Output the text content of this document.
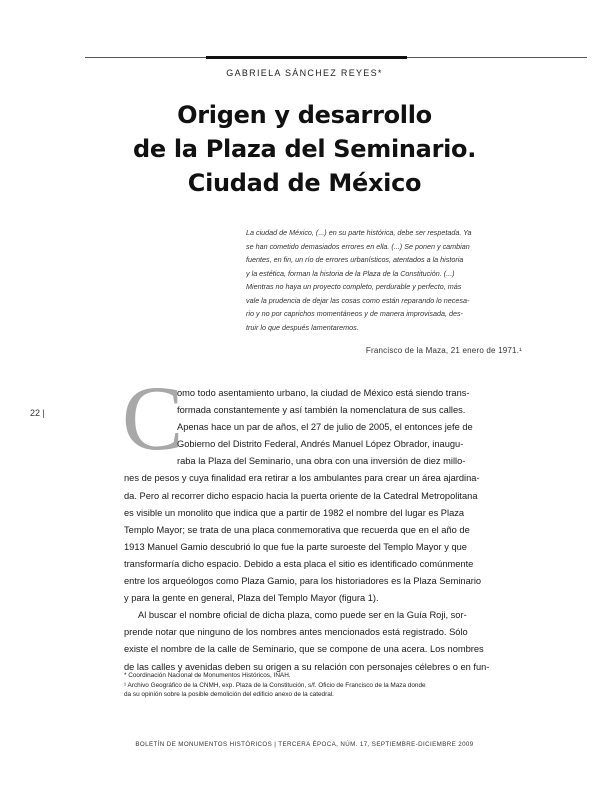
GABRIELA SÁNCHEZ REYES*
Origen y desarrollo
de la Plaza del Seminario.
Ciudad de México
La ciudad de México, (...) en su parte histórica, debe ser respetada. Ya
se han cometido demasiados errores en ella. (...) Se ponen y cambian
fuentes, en fin, un río de errores urbanísticos, atentados a la historia
y la estética, forman la historia de la Plaza de la Constitución. (...)
Mientras no haya un proyecto completo, perdurable y perfecto, más
vale la prudencia de dejar las cosas como están reparando lo necesa-
rio y no por caprichos momentáneos y de manera improvisada, des-
truir lo que después lamentaremos.
Francisco de la Maza, 21 enero de 1971.¹
22 | C
omo todo asentamiento urbano, la ciudad de México está siendo trans-
formada constantemente y así también la nomenclatura de sus calles.
Apenas hace un par de años, el 27 de julio de 2005, el entonces jefe de
Gobierno del Distrito Federal, Andrés Manuel López Obrador, inaugu-
raba la Plaza del Seminario, una obra con una inversión de diez millo-
nes de pesos y cuya finalidad era retirar a los ambulantes para crear un área ajardina-
da. Pero al recorrer dicho espacio hacia la puerta oriente de la Catedral Metropolitana
es visible un monolito que indica que a partir de 1982 el nombre del lugar es Plaza
Templo Mayor; se trata de una placa conmemorativa que recuerda que en el año de
1913 Manuel Gamio descubrió lo que fue la parte suroeste del Templo Mayor y que
transformaría dicho espacio. Debido a esta placa el sitio es identificado comúnmente
entre los arqueólogos como Plaza Gamio, para los historiadores es la Plaza Seminario
y para la gente en general, Plaza del Templo Mayor (figura 1).
Al buscar el nombre oficial de dicha plaza, como puede ser en la Guía Roji, sor-
prende notar que ninguno de los nombres antes mencionados está registrado. Sólo
existe el nombre de la calle de Seminario, que se compone de una acera. Los nombres
de las calles y avenidas deben su origen a su relación con personajes célebres o en fun-
* Coordinación Nacional de Monumentos Históricos, INAH.
¹ Archivo Geográfico de la CNMH, exp. Plaza de la Constitución, s/f. Oficio de Francisco de la Maza donde
da su opinión sobre la posible demolición del edificio anexo de la catedral.
BOLETÍN DE MONUMENTOS HISTÓRICOS | TERCERA ÉPOCA, NÚM. 17, SEPTIEMBRE-DICIEMBRE 2009
